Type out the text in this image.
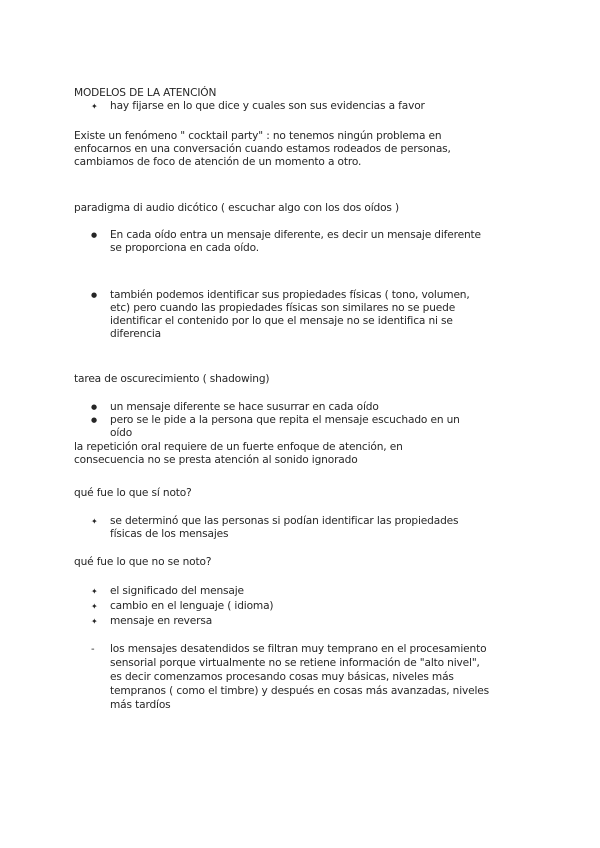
MODELOS DE LA ATENCIÓN
✦ hay fijarse en lo que dice y cuales son sus evidencias a favor
Existe un fenómeno " cocktail party" : no tenemos ningún problema en
enfocarnos en una conversación cuando estamos rodeados de personas,
cambiamos de foco de atención de un momento a otro.
paradigma di audio dicótico ( escuchar algo con los dos oídos )
● En cada oído entra un mensaje diferente, es decir un mensaje diferente
se proporciona en cada oído.
● también podemos identificar sus propiedades físicas ( tono, volumen,
etc) pero cuando las propiedades físicas son similares no se puede
identificar el contenido por lo que el mensaje no se identifica ni se
diferencia
tarea de oscurecimiento ( shadowing)
● un mensaje diferente se hace susurrar en cada oído
● pero se le pide a la persona que repita el mensaje escuchado en un
oído
la repetición oral requiere de un fuerte enfoque de atención, en
consecuencia no se presta atención al sonido ignorado
qué fue lo que sí noto?
✦ se determinó que las personas si podían identificar las propiedades
físicas de los mensajes
qué fue lo que no se noto?
✦ el significado del mensaje
✦ cambio en el lenguaje ( idioma)
✦ mensaje en reversa
- los mensajes desatendidos se filtran muy temprano en el procesamiento
sensorial porque virtualmente no se retiene información de "alto nivel",
es decir comenzamos procesando cosas muy básicas, niveles más
tempranos ( como el timbre) y después en cosas más avanzadas, niveles
más tardíos
